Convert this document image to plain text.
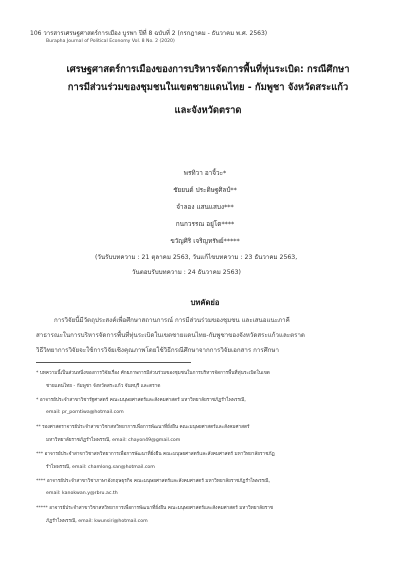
106 วารสารเศรษฐศาสตร์การเมือง บูรพา ปีที่ 8 ฉบับที่ 2 (กรกฎาคม - ธันวาคม พ.ศ. 2563)
Burapha Journal of Political Economy Vol. 8 No. 2 (2020)
เศรษฐศาสตร์การเมืองของการบริหารจัดการพื้นที่ทุ่นระเบิด: กรณีศึกษา
การมีส่วนร่วมของชุมชนในเขตชายแดนไทย - กัมพูชา จังหวัดสระแก้ว
และจังหวัดตราด
พรทิวา อาจิ้วะ*
ชัยยนต์ ประดิษฐศิลป์**
จำลอง แสนแสบง***
กนกวรรณ อยู่โต****
ขวัญศิริ เจริญทรัพย์*****
(วันรับบทความ : 21 ตุลาคม 2563, วันแก้ไขบทความ : 23 ธันวาคม 2563,
วันตอบรับบทความ : 24 ธันวาคม 2563)
บทคัดย่อ
การวิจัยนี้มีวัตถุประสงค์เพื่อศึกษาสถานการณ์ การมีส่วนร่วมของชุมชน และเสนอแนะภาคี
สาธารณะในการบริหารจัดการพื้นที่ทุ่นระเบิดในเขตชายแดนไทย-กัมพูชาของจังหวัดสระแก้วและตราด
วิธีวิทยาการวิจัยจะใช้การวิจัยเชิงคุณภาพโดยใช้วิธีกรณีศึกษาจากการวิจัยเอกสาร การศึกษา
* บทความนี้เป็นส่วนหนึ่งของการวิจัยเรื่อง ศักยภาพการมีส่วนร่วมของชุมชนในการบริหารจัดการพื้นที่ทุ่นระเบิดในเขต
ชายแดนไทย - กัมพูชา จังหวัดสระแก้ว จันทบุรี และตราด
* อาจารย์ประจำสาขาวิชารัฐศาสตร์ คณะมนุษยศาสตร์และสังคมศาสตร์ มหาวิทยาลัยราชภัฏรำไพพรรณี,
email: pr_porntiwa@hotmail.com
** รองศาสตราจารย์ประจำสาขาวิชาสหวิทยาการเพื่อการพัฒนาที่ยั่งยืน คณะมนุษยศาสตร์และสังคมศาสตร์
มหาวิทยาลัยราชภัฏรำไพพรรณี, email: chayon49@gmail.com
*** อาจารย์ประจำสาขาวิชาสหวิทยาการเพื่อการพัฒนาที่ยั่งยืน คณะมนุษยศาสตร์และสังคมศาสตร์ มหาวิทยาลัยราชภัฏ
รำไพพรรณี, email: chamlong.san@hotmail.com
**** อาจารย์ประจำสาขาวิชาภาษาอังกฤษธุรกิจ คณะมนุษยศาสตร์และสังคมศาสตร์ มหาวิทยาลัยราชภัฏรำไพพรรณี,
email: kanokwan.y@rbru.ac.th
***** อาจารย์ประจำสาขาวิชาสหวิทยาการเพื่อการพัฒนาที่ยั่งยืน คณะมนุษยศาสตร์และสังคมศาสตร์ มหาวิทยาลัยราช
ภัฏรำไพพรรณี, email: kwunsiri@hotmail.com
